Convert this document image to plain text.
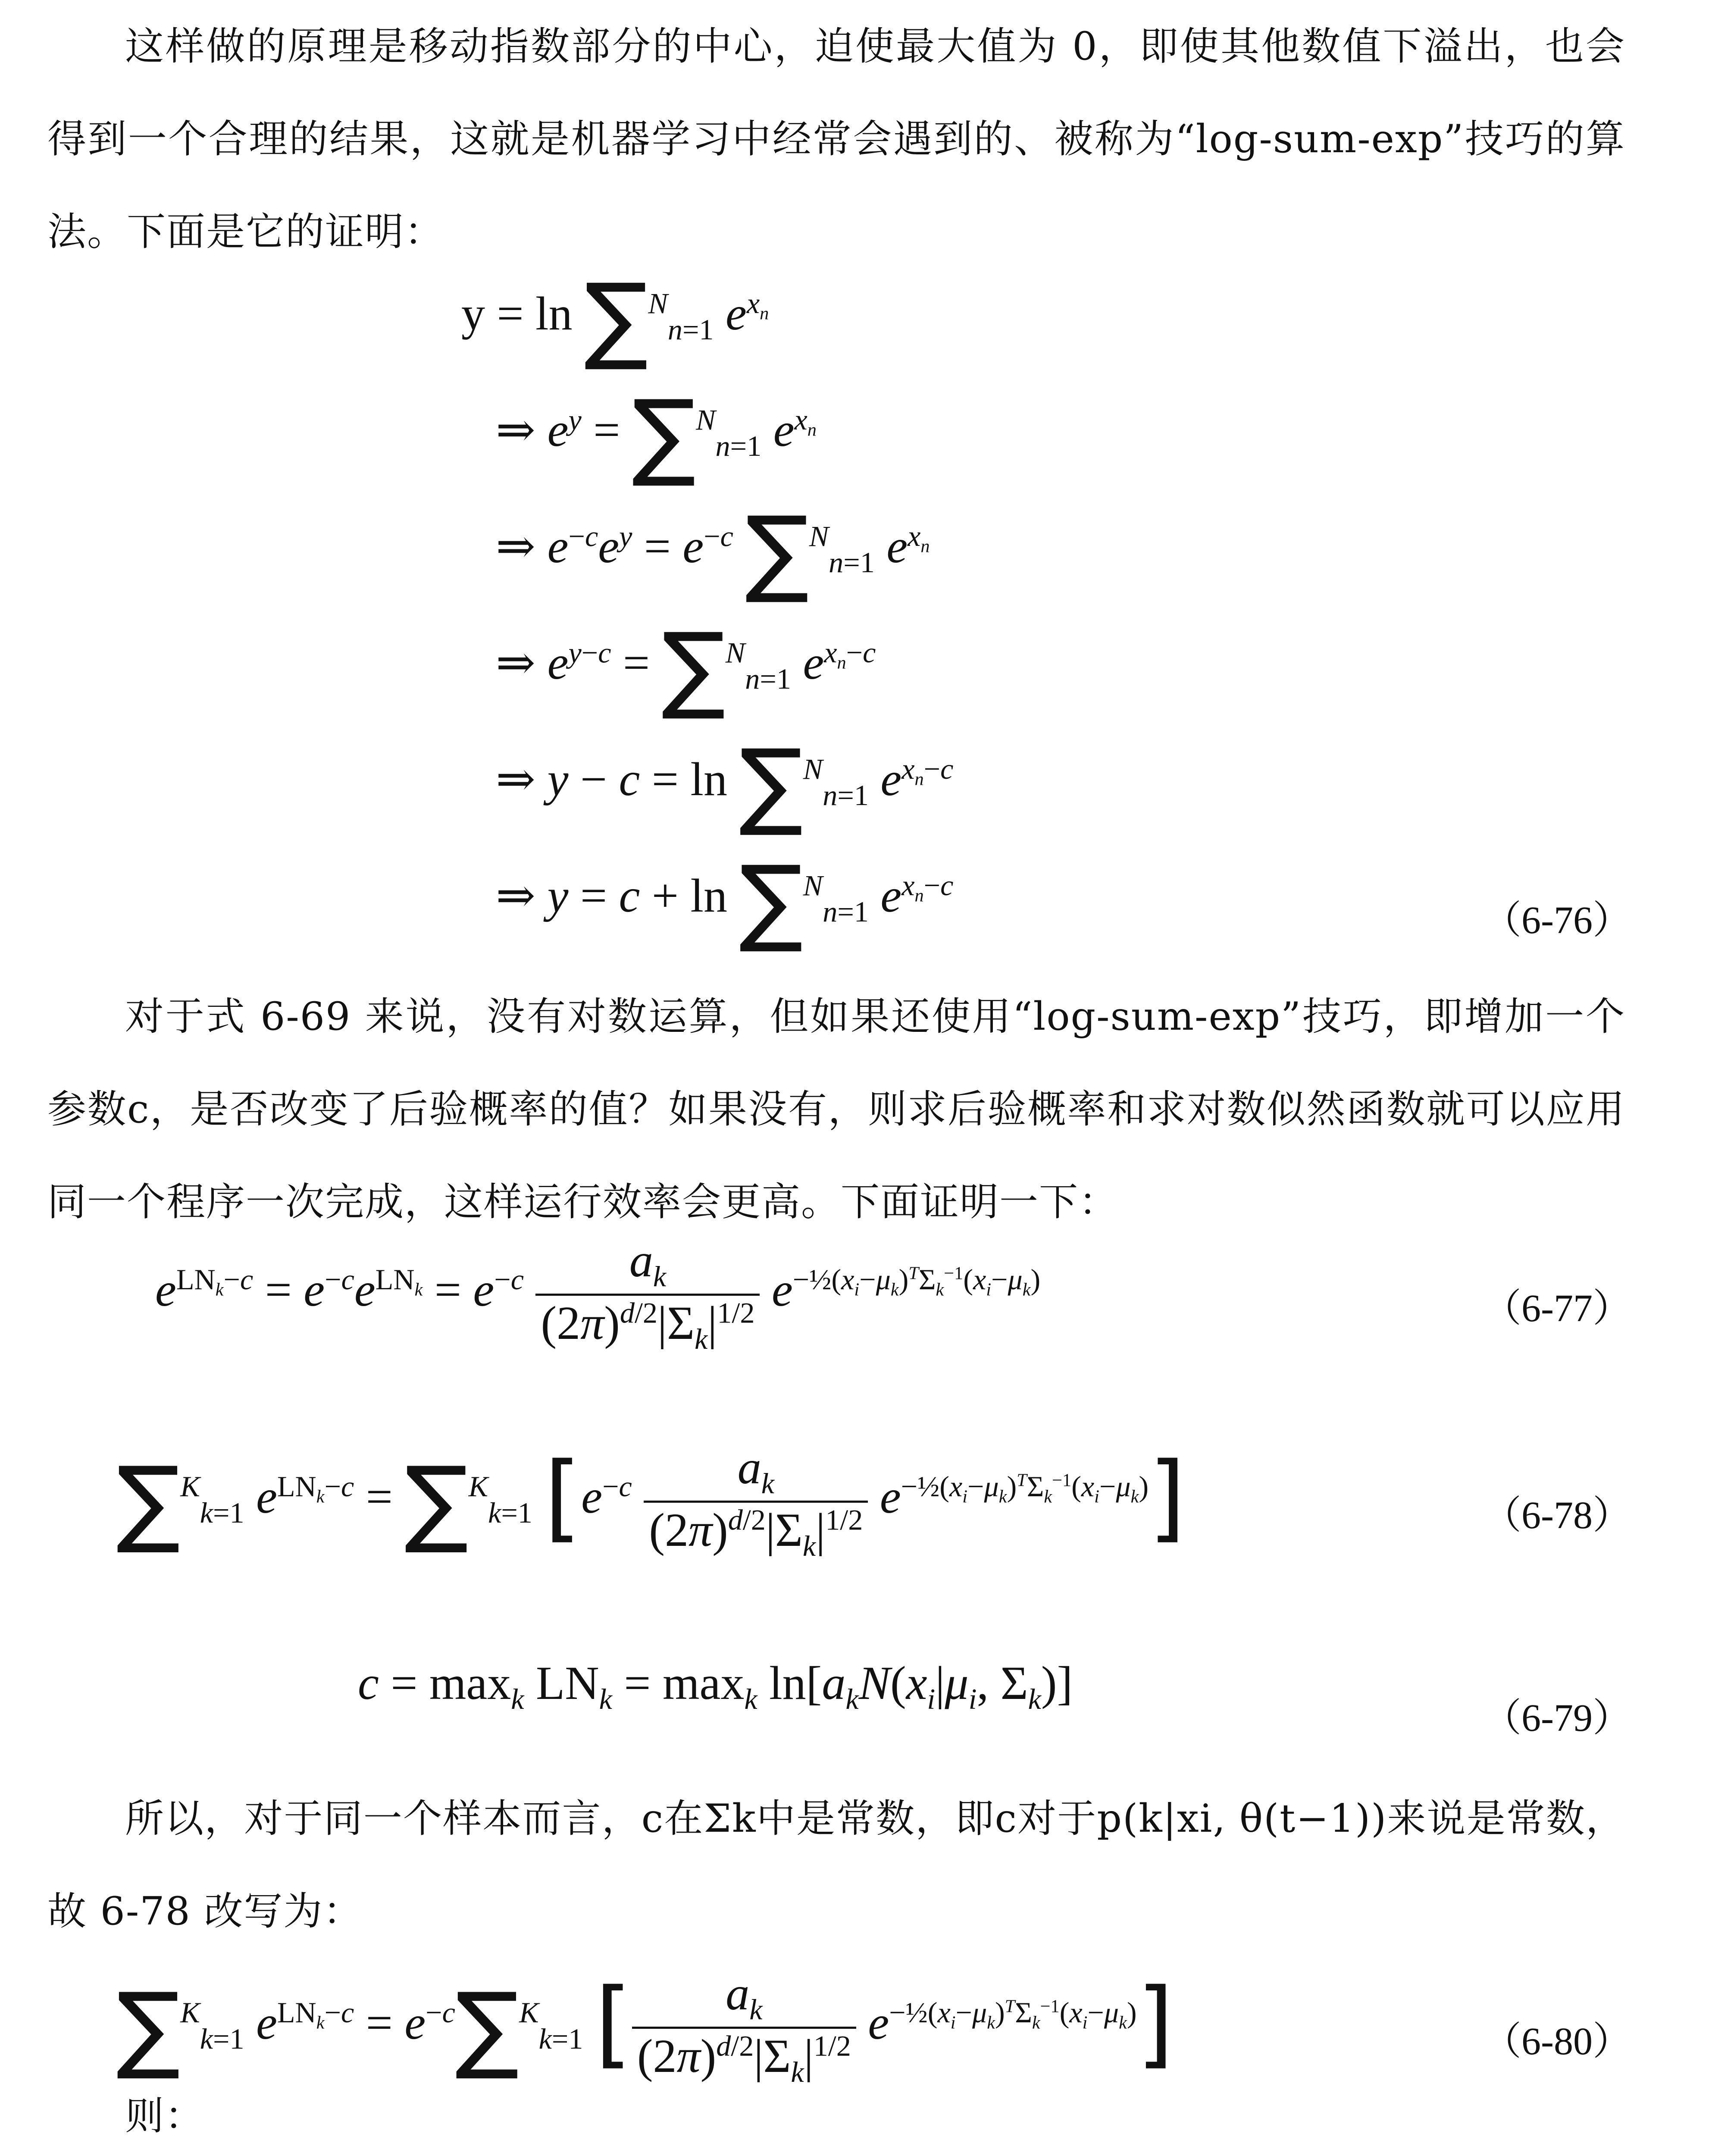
这样做的原理是移动指数部分的中心，迫使最大值为 0，即使其他数值下溢出，也会得到一个合理的结果，这就是机器学习中经常会遇到的、被称为“log-sum-exp”技巧的算法。下面是它的证明：
y = ln ∑$^N_{n=1}$ $e^{x_n}$
⇒ $e^y = \sum^N_{n=1}$ $e^{x_n}$
⇒ $e^{-c}e^y = e^{-c}$ ∑$^N_{n=1}$ $e^{x_n}$
⇒ $e^{y-c} = \sum^N_{n=1}$ $e^{x_n-c}$
⇒ y − c = ln ∑$^N_{n=1}$ $e^{x_n-c}$
⇒ y = c + ln ∑$^N_{n=1}$ $e^{x_n-c}$
（6-76）
对于式 6-69 来说，没有对数运算，但如果还使用“log-sum-exp”技巧，即增加一个参数c，是否改变了后验概率的值？如果没有，则求后验概率和求对数似然函数就可以应用同一个程序一次完成，这样运行效率会更高。下面证明一下：
$e^{LN_k-c} = e^{-c}e^{LN_k} = e^{-c} \frac{a_k}{(2\pi)^{d/2}|\Sigma_k|^{1/2}} e^{-\frac{1}{2}(x_i-\mu_k)^T\Sigma_k^{-1}(x_i-\mu_k)}$
（6-77）
∑$^K_{k=1}$ $e^{LN_k-c} = \sum^K_{k=1}$ $[e^{-c} \frac{a_k}{(2\pi)^{d/2}|\Sigma_k|^{1/2}} e^{-\frac{1}{2}(x_i-\mu_k)^T\Sigma_k^{-1}(x_i-\mu_k)}]$	（6-78）
$c = \max_k LN_k = \max_k \ln[a_kN(x_i|\mu_i$, $\Sigma_k$)]
（6-79）
所以，对于同一个样本而言，c在Σk中是常数，即c对于p(k|xi, θ(t−1))来说是常数，故 6-78 改写为：
∑$^K_{k=1}$ $e^{LN_k-c} = e^{-c}\sum^K_{k=1}$ [ $\frac{a_k}{(2\pi)^{d/2}|\Sigma_k|^{1/2}} e^{-\frac{1}{2}(x_i-\mu_k)^T\Sigma_k^{-1}(x_i-\mu_k)}$]	（6-80）
则：
